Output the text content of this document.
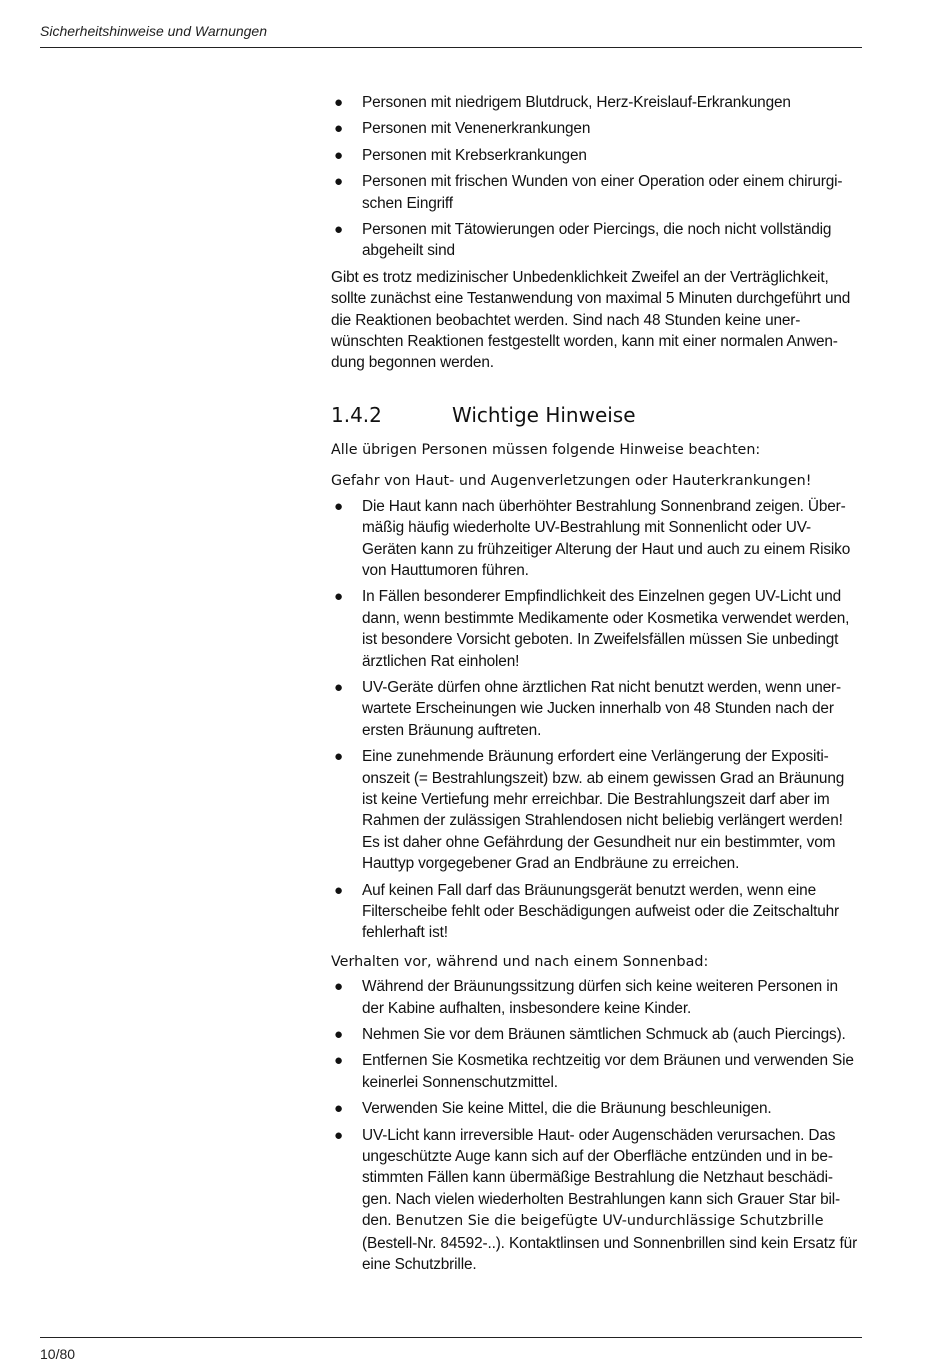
Sicherheitshinweise und Warnungen
● Personen mit niedrigem Blutdruck, Herz-Kreislauf-Erkrankungen
● Personen mit Venenerkrankungen
● Personen mit Krebserkrankungen
● Personen mit frischen Wunden von einer Operation oder einem chirurgi-schen Eingriff
● Personen mit Tätowierungen oder Piercings, die noch nicht vollständig abgeheilt sind

Gibt es trotz medizinischer Unbedenklichkeit Zweifel an der Verträglichkeit, sollte zunächst eine Testanwendung von maximal 5 Minuten durchgeführt und die Reaktionen beobachtet werden. Sind nach 48 Stunden keine uner-wünschten Reaktionen festgestellt worden, kann mit einer normalen Anwen-dung begonnen werden.

1.4.2	Wichtige Hinweise

Alle übrigen Personen müssen folgende Hinweise beachten:

Gefahr von Haut- und Augenverletzungen oder Hauterkrankungen!

● Die Haut kann nach überhöhter Bestrahlung Sonnenbrand zeigen. Über-mäßig häufig wiederholte UV-Bestrahlung mit Sonnenlicht oder UV-Geräten kann zu frühzeitiger Alterung der Haut und auch zu einem Risiko von Hauttumoren führen.
● In Fällen besonderer Empfindlichkeit des Einzelnen gegen UV-Licht und dann, wenn bestimmte Medikamente oder Kosmetika verwendet werden, ist besondere Vorsicht geboten. In Zweifelsfällen müssen Sie unbedingt ärztlichen Rat einholen!
● UV-Geräte dürfen ohne ärztlichen Rat nicht benutzt werden, wenn uner-wartete Erscheinungen wie Jucken innerhalb von 48 Stunden nach der ersten Bräunung auftreten.
● Eine zunehmende Bräunung erfordert eine Verlängerung der Expositi-onszeit (= Bestrahlungszeit) bzw. ab einem gewissen Grad an Bräunung ist keine Vertiefung mehr erreichbar. Die Bestrahlungszeit darf aber im Rahmen der zulässigen Strahlendosen nicht beliebig verlängert werden! Es ist daher ohne Gefährdung der Gesundheit nur ein bestimmter, vom Hauttyp vorgegebener Grad an Endbräune zu erreichen.
● Auf keinen Fall darf das Bräunungsgerät benutzt werden, wenn eine Filterscheibe fehlt oder Beschädigungen aufweist oder die Zeitschaltuhr fehlerhaft ist!

Verhalten vor, während und nach einem Sonnenbad:

● Während der Bräunungssitzung dürfen sich keine weiteren Personen in der Kabine aufhalten, insbesondere keine Kinder.
● Nehmen Sie vor dem Bräunen sämtlichen Schmuck ab (auch Piercings).
● Entfernen Sie Kosmetika rechtzeitig vor dem Bräunen und verwenden Sie keinerlei Sonnenschutzmittel.
● Verwenden Sie keine Mittel, die die Bräunung beschleunigen.
● UV-Licht kann irreversible Haut- oder Augenschäden verursachen. Das ungeschützte Auge kann sich auf der Oberfläche entzünden und in be-stimmten Fällen kann übermäßige Bestrahlung die Netzhaut beschädi-gen. Nach vielen wiederholten Bestrahlungen kann sich Grauer Star bil-den. Benutzen Sie die beigefügte UV-undurchlässige Schutzbrille (Bestell-Nr. 84592-..). Kontaktlinsen und Sonnenbrillen sind kein Ersatz für eine Schutzbrille.
10/80
